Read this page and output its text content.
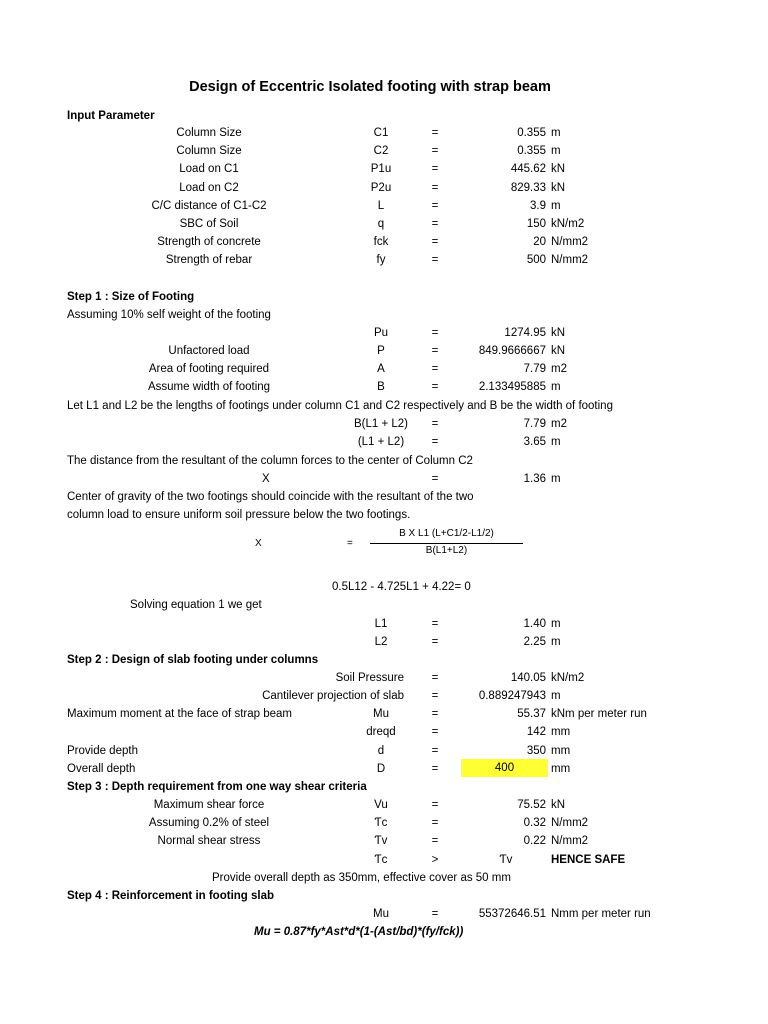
Design of Eccentric Isolated footing with strap beam
Input Parameter
Column Size	C1	=	0.355 m
Column Size	C2	=	0.355 m
Load on C1	P1u	=	445.62 kN
Load on C2	P2u	=	829.33 kN
C/C distance of C1-C2	L	=	3.9 m
SBC of Soil	q	=	150 kN/m2
Strength of concrete	fck	=	20 N/mm2
Strength of rebar	fy	=	500 N/mm2
Step 1 : Size of Footing
Assuming 10% self weight of the footing
Pu	=	1274.95 kN
Unfactored load	P	=	849.9666667 kN
Area of footing required	A	=	7.79 m2
Assume width of footing	B	=	2.133495885 m
Let L1 and L2 be the lengths of footings under column C1 and C2 respectively and B be the width of footing
B(L1 + L2)	=	7.79 m2
(L1 + L2)	=	3.65 m
The distance from the resultant of the column forces to the center of Column C2
X	=	1.36 m
Center of gravity of the two footings should coincide with the resultant of the two
column load to ensure uniform soil pressure below the two footings.
X	=
B X L1 (L+C1/2-L1/2)
B(L1+L2)
0.5L12 - 4.725L1 + 4.22= 0
Solving equation 1 we get
L1	=	1.40 m
L2	=	2.25 m
Step 2 : Design of slab footing under columns
Soil Pressure	=	140.05 kN/m2
Cantilever projection of slab	=	0.889247943 m
Maximum moment at the face of strap beam	Mu	=	55.37 kNm per meter run
dreqd	=	142 mm
Provide depth	d	=	350 mm
Overall depth	D	=	400	mm
Step 3 : Depth requirement from one way shear criteria
Maximum shear force	Vu	=	75.52 kN
Assuming 0.2% of steel	Ƭc	=	0.32 N/mm2
Normal shear stress	Ƭv	=	0.22 N/mm2
Ƭc	>	Ƭv	HENCE SAFE
Provide overall depth as 350mm, effective cover as 50 mm
Step 4 : Reinforcement in footing slab
Mu	=	55372646.51 Nmm per meter run
Mu = 0.87*fy*Ast*d*(1-(Ast/bd)*(fy/fck))
